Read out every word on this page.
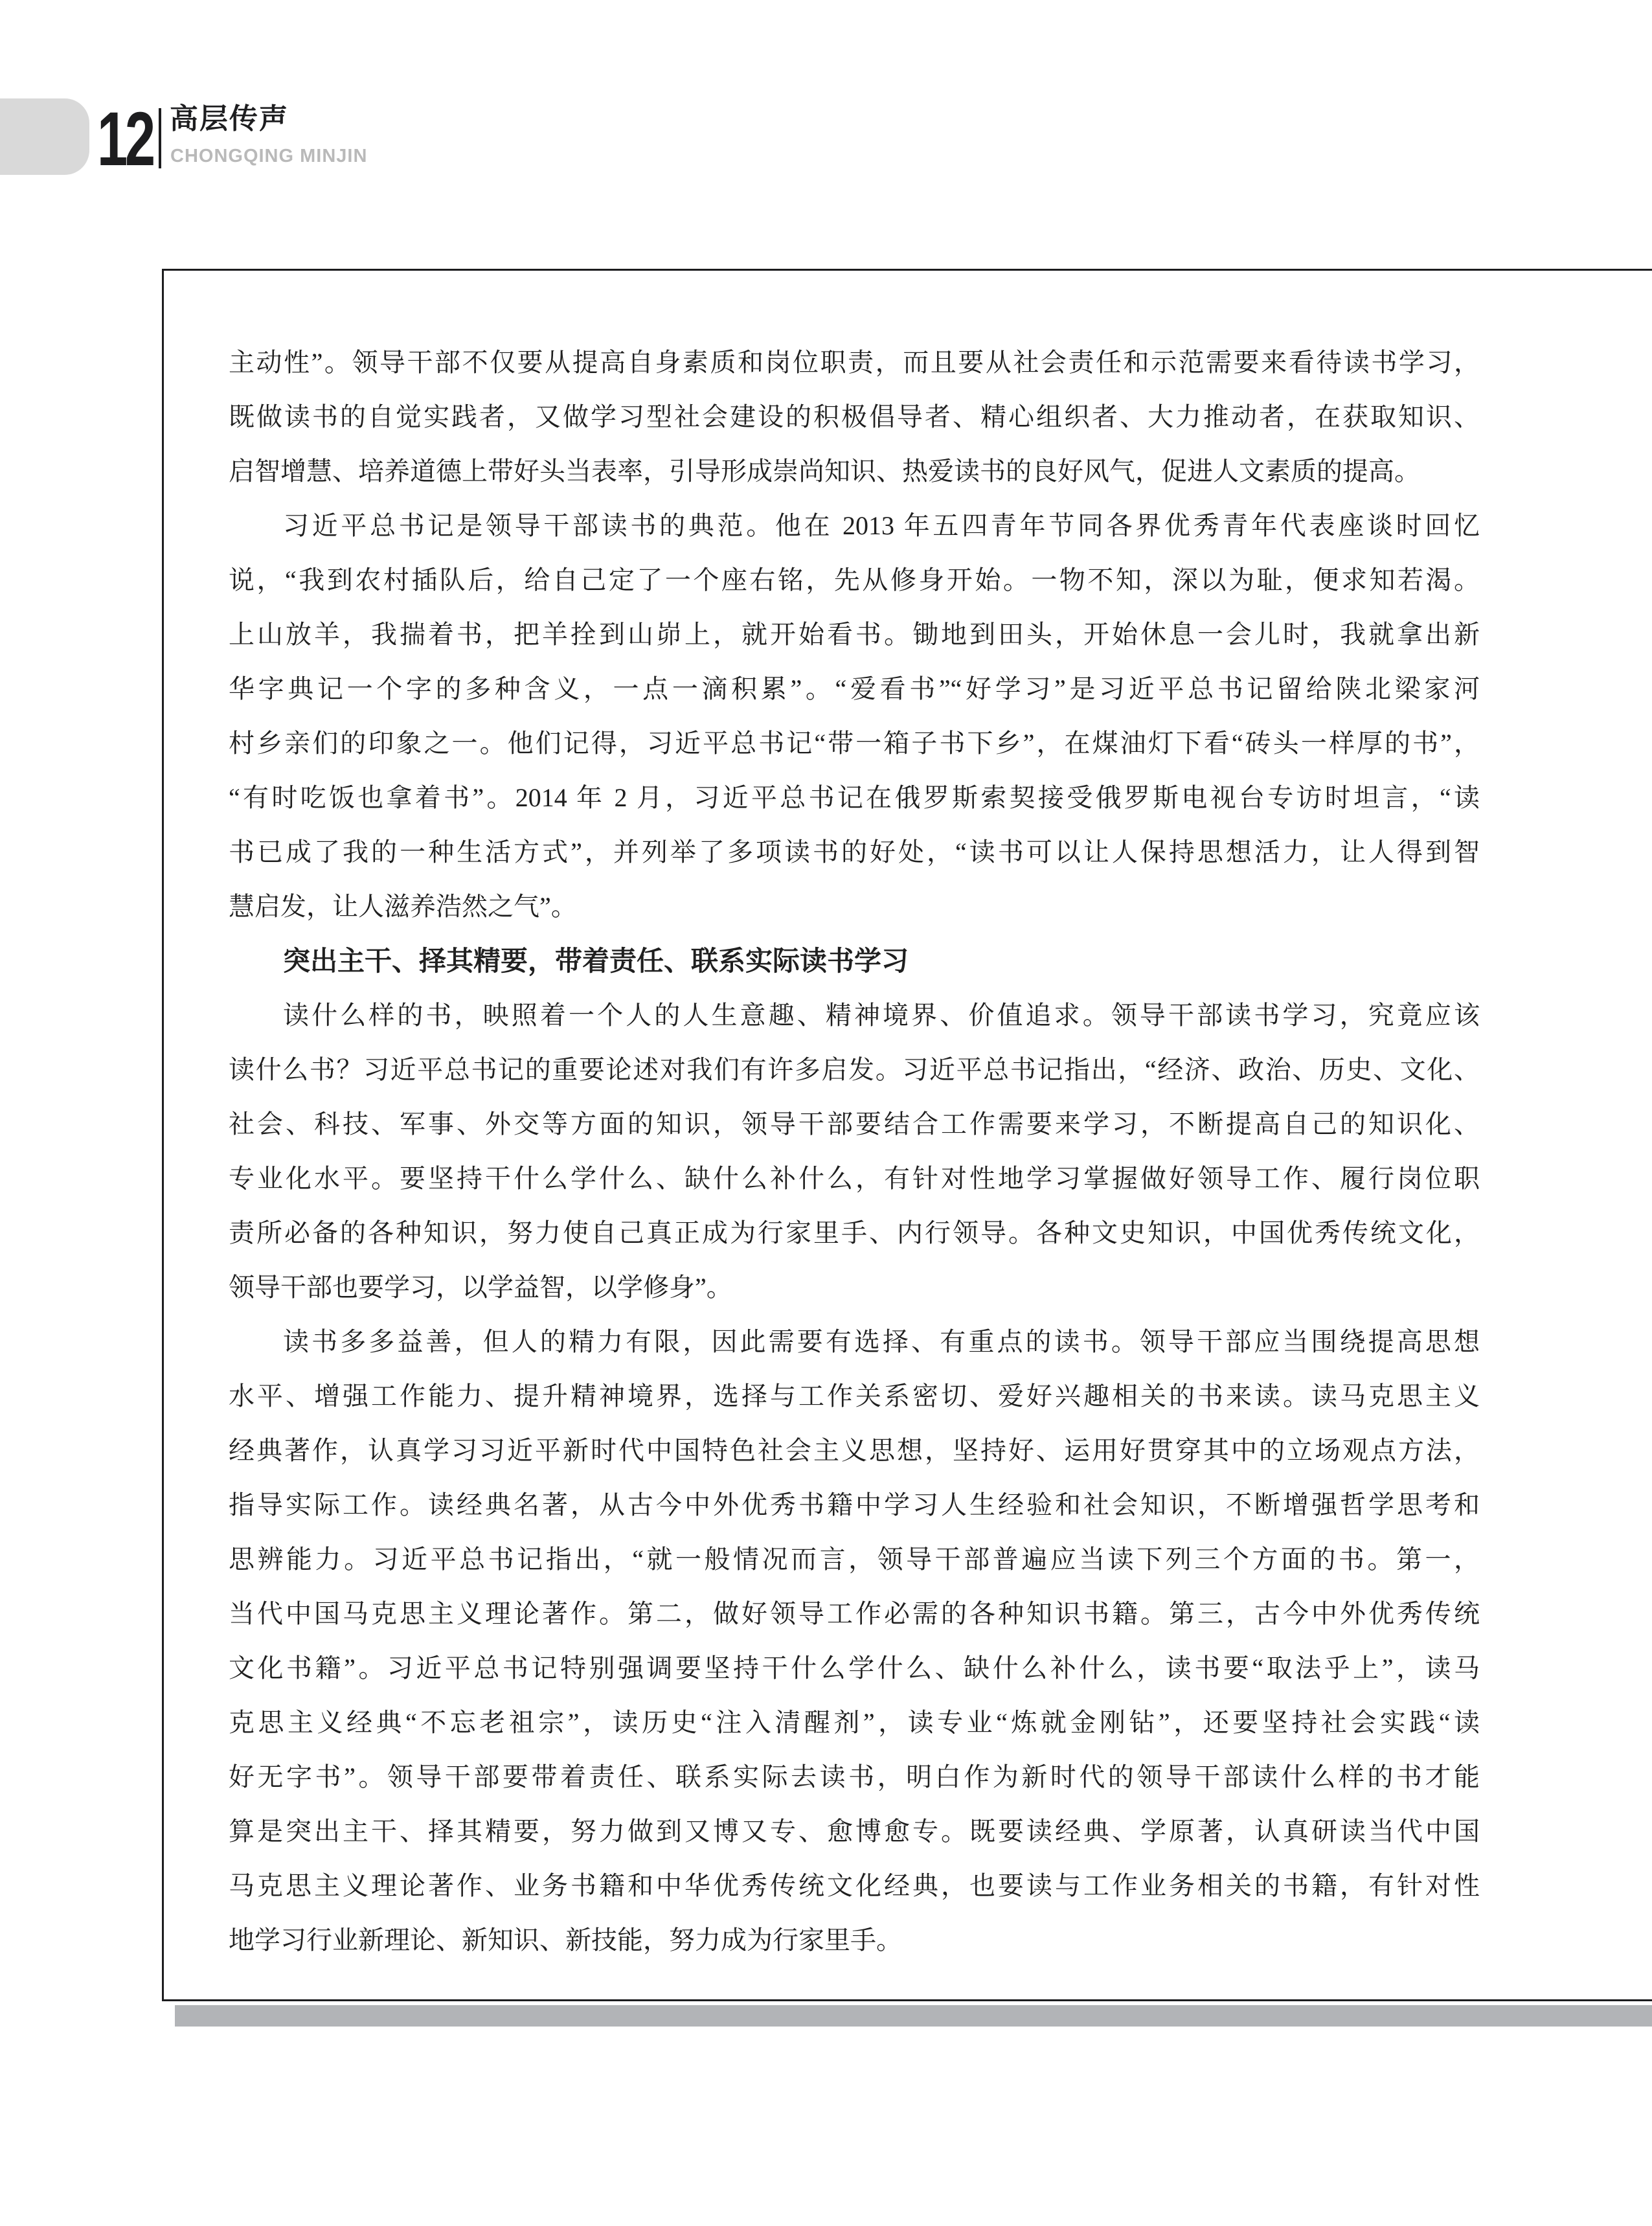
12 高层传声
CHONGQING MINJIN
主动性”。领导干部不仅要从提高自身素质和岗位职责，而且要从社会责任和示范需要来看待读书学习，
既做读书的自觉实践者，又做学习型社会建设的积极倡导者、精心组织者、大力推动者，在获取知识、
启智增慧、培养道德上带好头当表率，引导形成崇尚知识、热爱读书的良好风气，促进人文素质的提高。
习近平总书记是领导干部读书的典范。他在 2013 年五四青年节同各界优秀青年代表座谈时回忆
说，“我到农村插队后，给自己定了一个座右铭，先从修身开始。一物不知，深以为耻，便求知若渴。
上山放羊，我揣着书，把羊拴到山峁上，就开始看书。锄地到田头，开始休息一会儿时，我就拿出新
华字典记一个字的多种含义，一点一滴积累”。“爱看书”“好学习”是习近平总书记留给陕北梁家河
村乡亲们的印象之一。他们记得，习近平总书记“带一箱子书下乡”，在煤油灯下看“砖头一样厚的书”，
“有时吃饭也拿着书”。2014 年 2 月，习近平总书记在俄罗斯索契接受俄罗斯电视台专访时坦言，“读
书已成了我的一种生活方式”，并列举了多项读书的好处，“读书可以让人保持思想活力，让人得到智
慧启发，让人滋养浩然之气”。
突出主干、择其精要，带着责任、联系实际读书学习
读什么样的书，映照着一个人的人生意趣、精神境界、价值追求。领导干部读书学习，究竟应该
读什么书？习近平总书记的重要论述对我们有许多启发。习近平总书记指出，“经济、政治、历史、文化、
社会、科技、军事、外交等方面的知识，领导干部要结合工作需要来学习，不断提高自己的知识化、
专业化水平。要坚持干什么学什么、缺什么补什么，有针对性地学习掌握做好领导工作、履行岗位职
责所必备的各种知识，努力使自己真正成为行家里手、内行领导。各种文史知识，中国优秀传统文化，
领导干部也要学习，以学益智，以学修身”。
读书多多益善，但人的精力有限，因此需要有选择、有重点的读书。领导干部应当围绕提高思想
水平、增强工作能力、提升精神境界，选择与工作关系密切、爱好兴趣相关的书来读。读马克思主义
经典著作，认真学习习近平新时代中国特色社会主义思想，坚持好、运用好贯穿其中的立场观点方法，
指导实际工作。读经典名著，从古今中外优秀书籍中学习人生经验和社会知识，不断增强哲学思考和
思辨能力。习近平总书记指出，“就一般情况而言，领导干部普遍应当读下列三个方面的书。第一，
当代中国马克思主义理论著作。第二，做好领导工作必需的各种知识书籍。第三，古今中外优秀传统
文化书籍”。习近平总书记特别强调要坚持干什么学什么、缺什么补什么，读书要“取法乎上”，读马
克思主义经典“不忘老祖宗”，读历史“注入清醒剂”，读专业“炼就金刚钻”，还要坚持社会实践“读
好无字书”。领导干部要带着责任、联系实际去读书，明白作为新时代的领导干部读什么样的书才能
算是突出主干、择其精要，努力做到又博又专、愈博愈专。既要读经典、学原著，认真研读当代中国
马克思主义理论著作、业务书籍和中华优秀传统文化经典，也要读与工作业务相关的书籍，有针对性
地学习行业新理论、新知识、新技能，努力成为行家里手。
